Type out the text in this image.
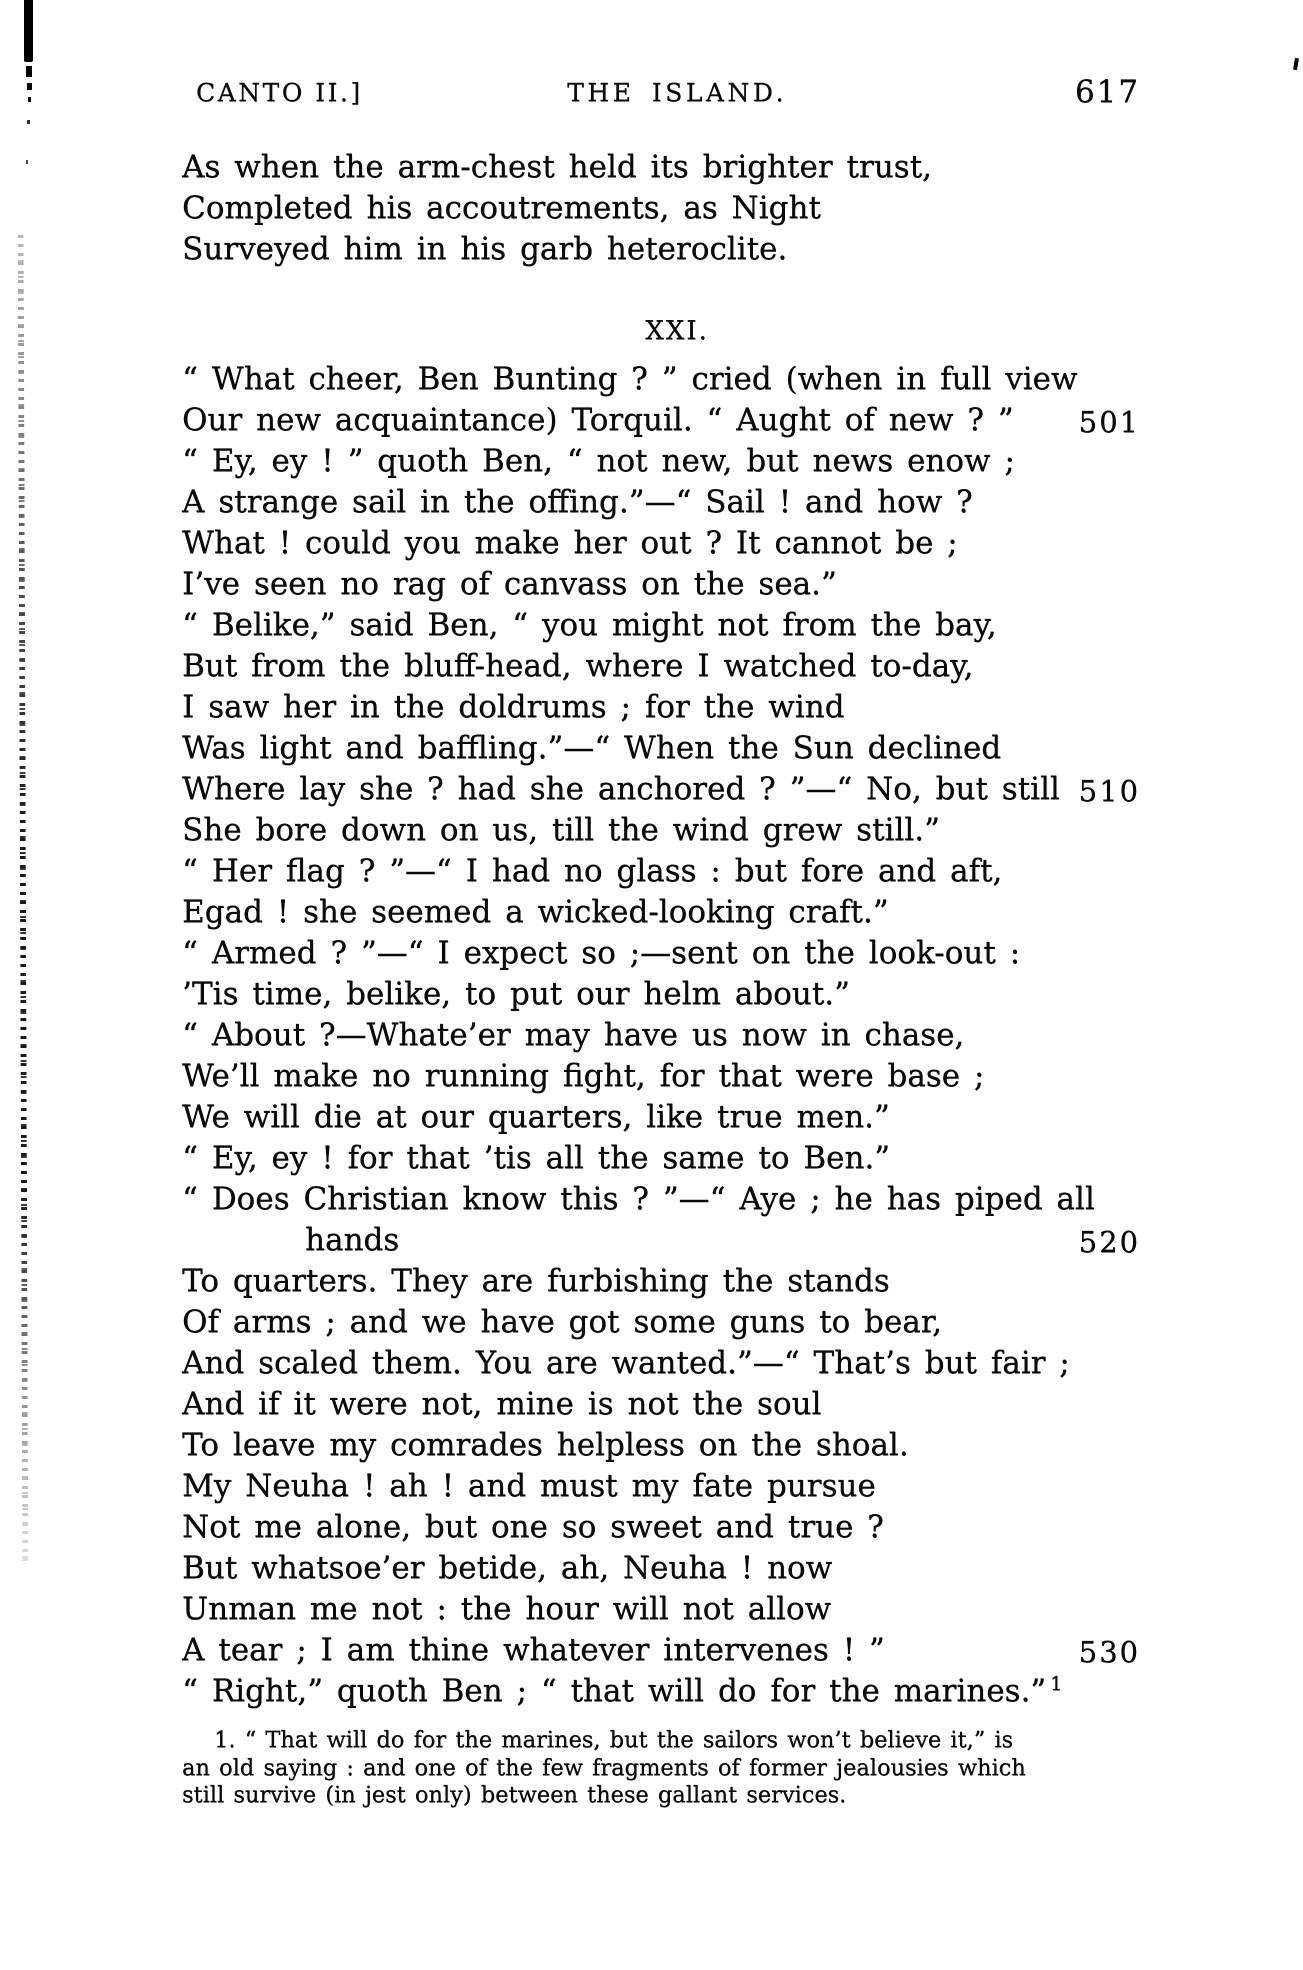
CANTO II.]	THE ISLAND.	617
As when the arm-chest held its brighter trust,
Completed his accoutrements, as Night
Surveyed him in his garb heteroclite.
XXI.
“ What cheer, Ben Bunting ? ” cried (when in full view
Our new acquaintance) Torquil. “ Aught of new ? ” 501
“ Ey, ey ! ” quoth Ben, “ not new, but news enow ;
A strange sail in the offing.”—“ Sail ! and how ?
What ! could you make her out ? It cannot be ;
I’ve seen no rag of canvass on the sea.”
“ Belike,” said Ben, “ you might not from the bay,
But from the bluff-head, where I watched to-day,
I saw her in the doldrums ; for the wind
Was light and baffling.”—“ When the Sun declined
Where lay she ? had she anchored ? ”—“ No, but still 510
She bore down on us, till the wind grew still.”
“ Her flag ? ”—“ I had no glass : but fore and aft,
Egad ! she seemed a wicked-looking craft.”
“ Armed ? ”—“ I expect so ;—sent on the look-out :
’Tis time, belike, to put our helm about.”
“ About ?—Whate’er may have us now in chase,
We’ll make no running fight, for that were base ;
We will die at our quarters, like true men.”
“ Ey, ey ! for that ’tis all the same to Ben.”
“ Does Christian know this ? ”—“ Aye ; he has piped all
hands	520
To quarters. They are furbishing the stands
Of arms ; and we have got some guns to bear,
And scaled them. You are wanted.”—“ That’s but fair ;
And if it were not, mine is not the soul
To leave my comrades helpless on the shoal.
My Neuha ! ah ! and must my fate pursue
Not me alone, but one so sweet and true ?
But whatsoe’er betide, ah, Neuha ! now
Unman me not : the hour will not allow
A tear ; I am thine whatever intervenes ! ”	530
“ Right,” quoth Ben ; “ that will do for the marines.” $^1$
1. “ That will do for the marines, but the sailors won’t believe it,” is
an old saying : and one of the few fragments of former jealousies which
still survive (in jest only) between these gallant services.
